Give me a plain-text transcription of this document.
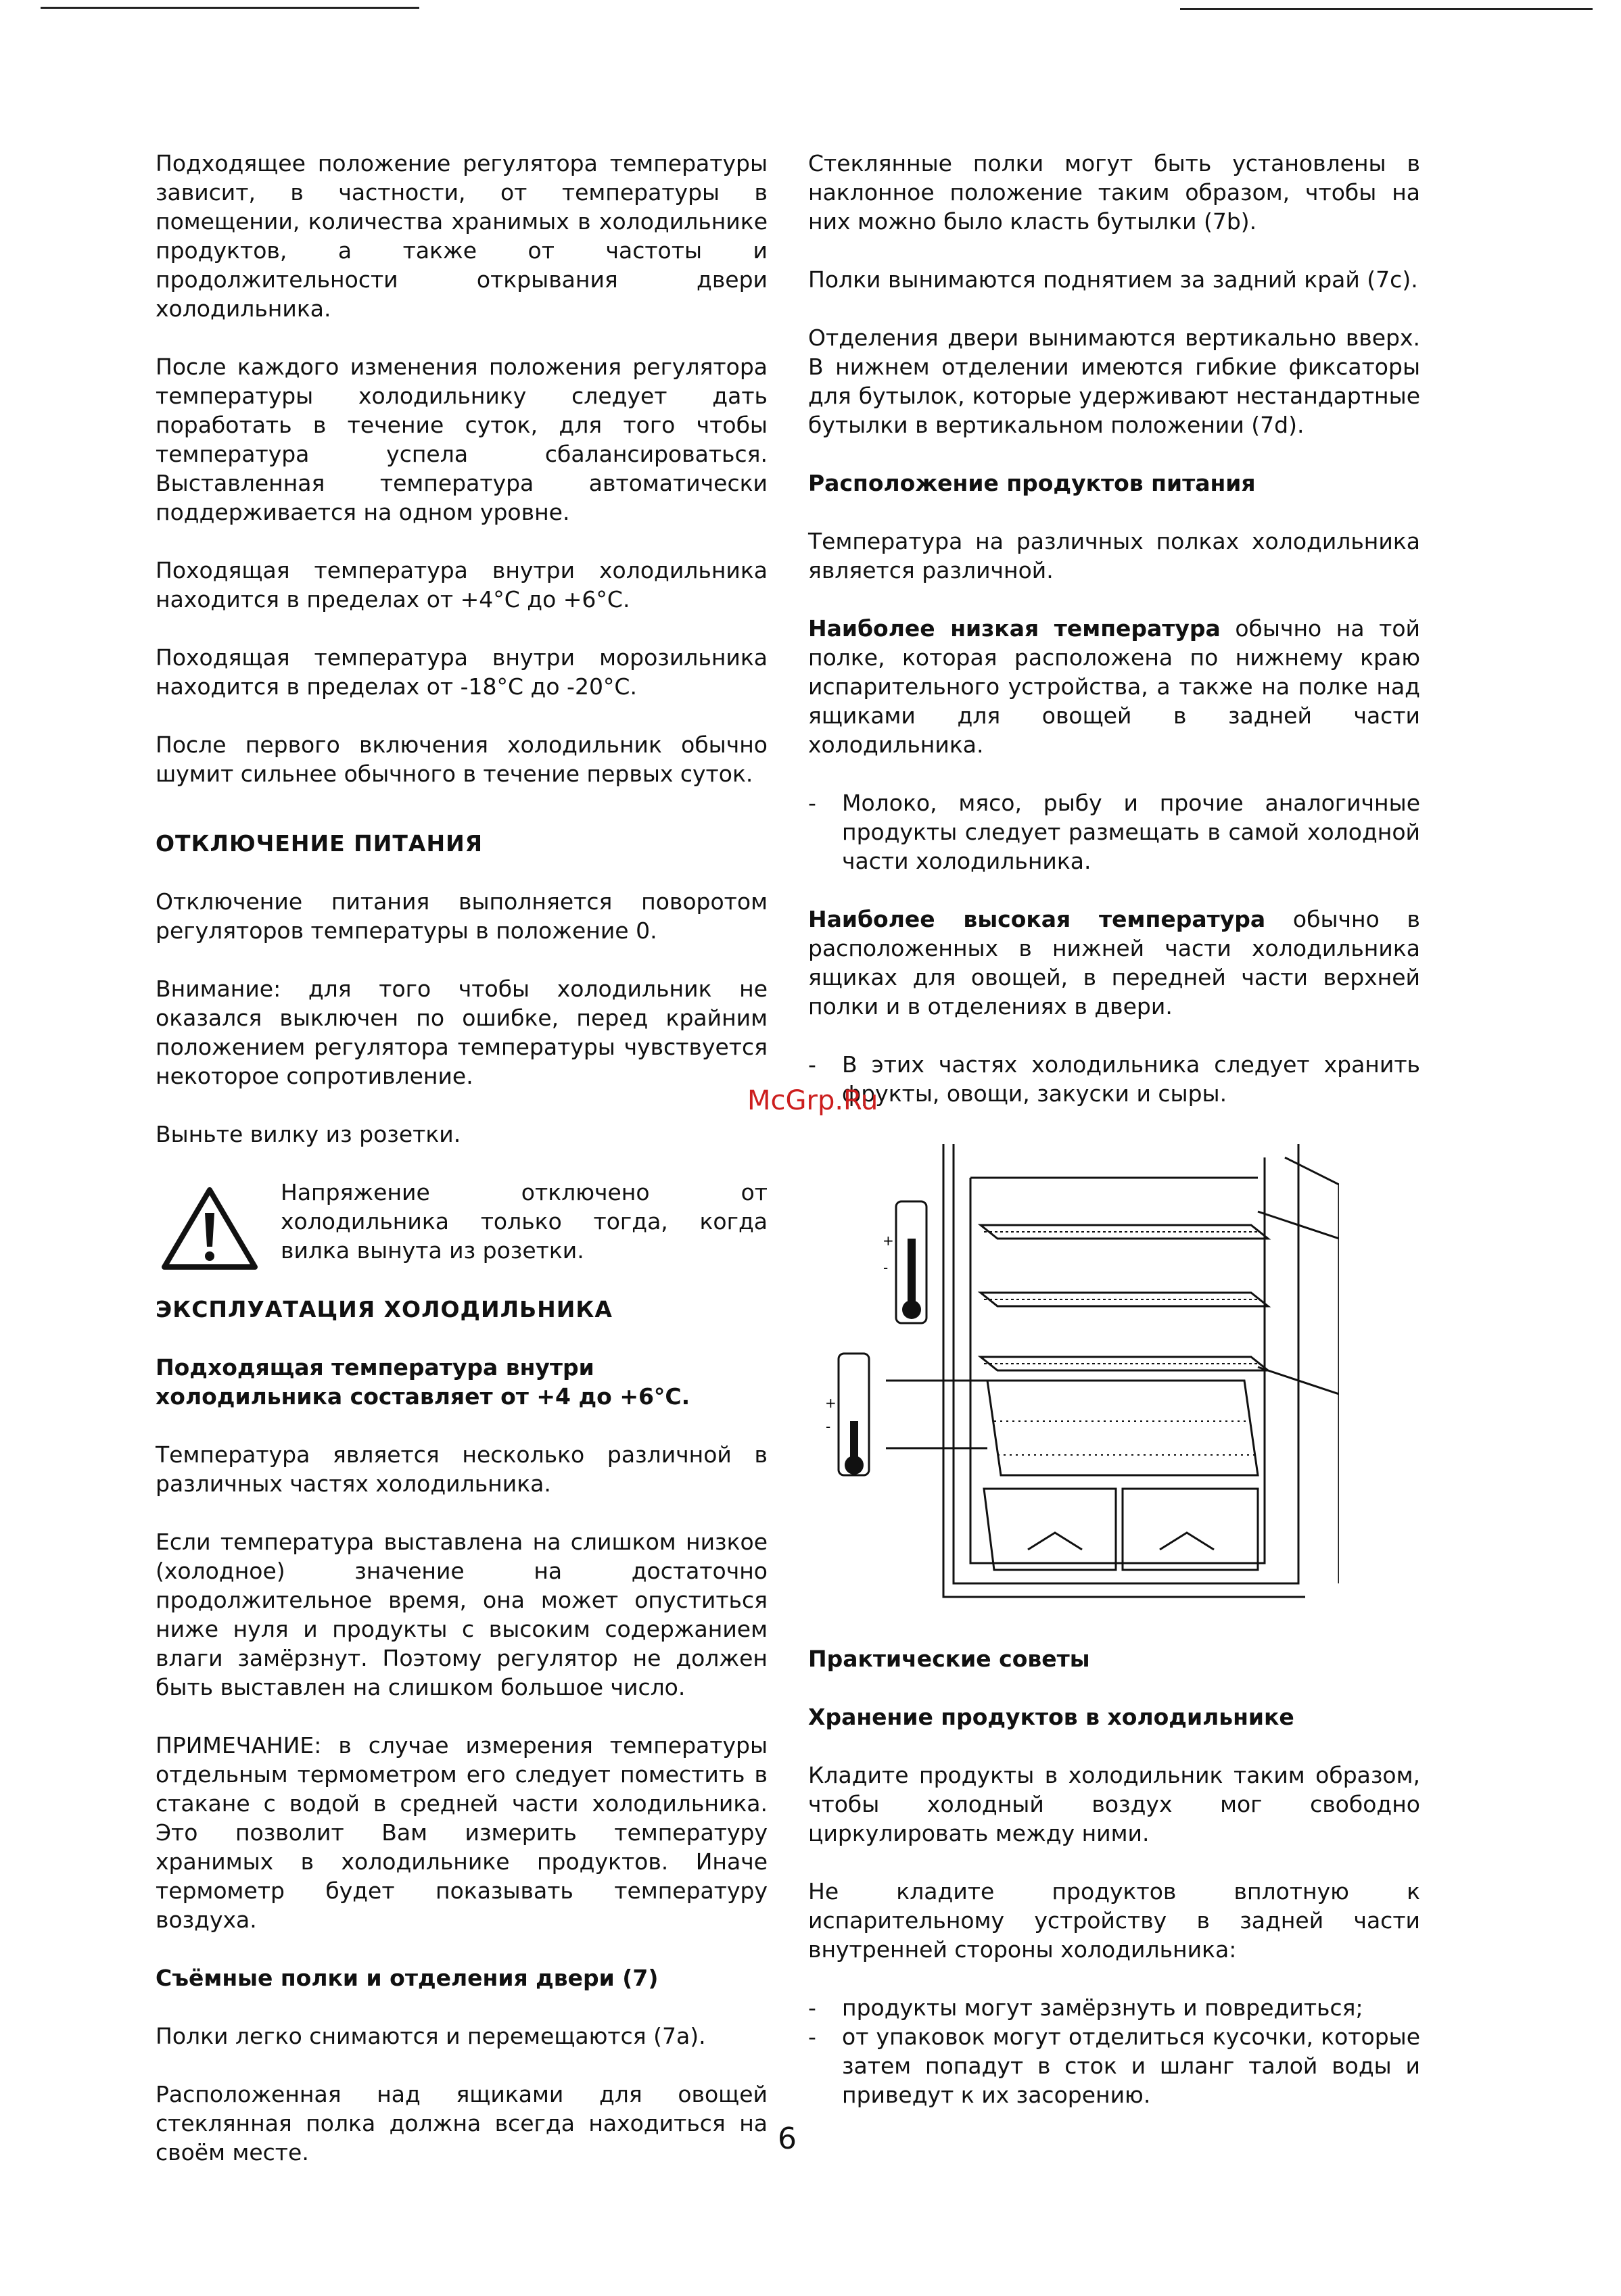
Подходящее положение регулятора температуры зависит, в частности, от температуры в помещении, количества хранимых в холодильнике продуктов, а также от частоты и продолжительности открывания двери холодильника.

После каждого изменения положения регулятора температуры холодильнику следует дать поработать в течение суток, для того чтобы температура успела сбалансироваться. Выставленная температура автоматически поддерживается на одном уровне.

Походящая температура внутри холодильника находится в пределах от +4°C до +6°C.

Походящая температура внутри морозильника находится в пределах от -18°C до -20°C.

После первого включения холодильник обычно шумит сильнее обычного в течение первых суток.

ОТКЛЮЧЕНИЕ ПИТАНИЯ

Отключение питания выполняется поворотом регуляторов температуры в положение 0.

Внимание: для того чтобы холодильник не оказался выключен по ошибке, перед крайним положением регулятора температуры чувствуется некоторое сопротивление.

Выньте вилку из розетки.

Напряжение отключено от холодильника только тогда, когда вилка вынута из розетки.

ЭКСПЛУАТАЦИЯ ХОЛОДИЛЬНИКА
Подходящая температура внутри холодильника составляет от +4 до +6°C.

Температура является несколько различной в различных частях холодильника.

Если температура выставлена на слишком низкое (холодное) значение на достаточно продолжительное время, она может опуститься ниже нуля и продукты с высоким содержанием влаги замёрзнут. Поэтому регулятор не должен быть выставлен на слишком большое число.

ПРИМЕЧАНИЕ: в случае измерения температуры отдельным термометром его следует поместить в стакане с водой в средней части холодильника. Это позволит Вам измерить температуру хранимых в холодильнике продуктов. Иначе термометр будет показывать температуру воздуха.

Съёмные полки и отделения двери (7)

Полки легко снимаются и перемещаются (7a).

Расположенная над ящиками для овощей стеклянная полка должна всегда находиться на своём месте.

Стеклянные полки могут быть установлены в наклонное положение таким образом, чтобы на них можно было класть бутылки (7b).

Полки вынимаются поднятием за задний край (7c).

Отделения двери вынимаются вертикально вверх. В нижнем отделении имеются гибкие фиксаторы для бутылок, которые удерживают нестандартные бутылки в вертикальном положении (7d).

Расположение продуктов питания

Температура на различных полках холодильника является различной.

Наиболее низкая температура обычно на той полке, которая расположена по нижнему краю испарительного устройства, а также на полке над ящиками для овощей в задней части холодильника.

- Молоко, мясо, рыбу и прочие аналогичные продукты следует размещать в самой холодной части холодильника.

Наиболее высокая температура обычно в расположенных в нижней части холодильника ящиках для овощей, в передней части верхней полки и в отделениях в двери.

- В этих частях холодильника следует хранить фрукты, овощи, закуски и сыры.
+
-
+
-
Практические советы
Хранение продуктов в холодильнике

Кладите продукты в холодильник таким образом, чтобы холодный воздух мог свободно циркулировать между ними.

Не кладите продуктов вплотную к испарительному устройству в задней части внутренней стороны холодильника:

- продукты могут замёрзнуть и повредиться;
- от упаковок могут отделиться кусочки, которые затем попадут в сток и шланг талой воды и приведут к их засорению.
McGrp.Ru
6
